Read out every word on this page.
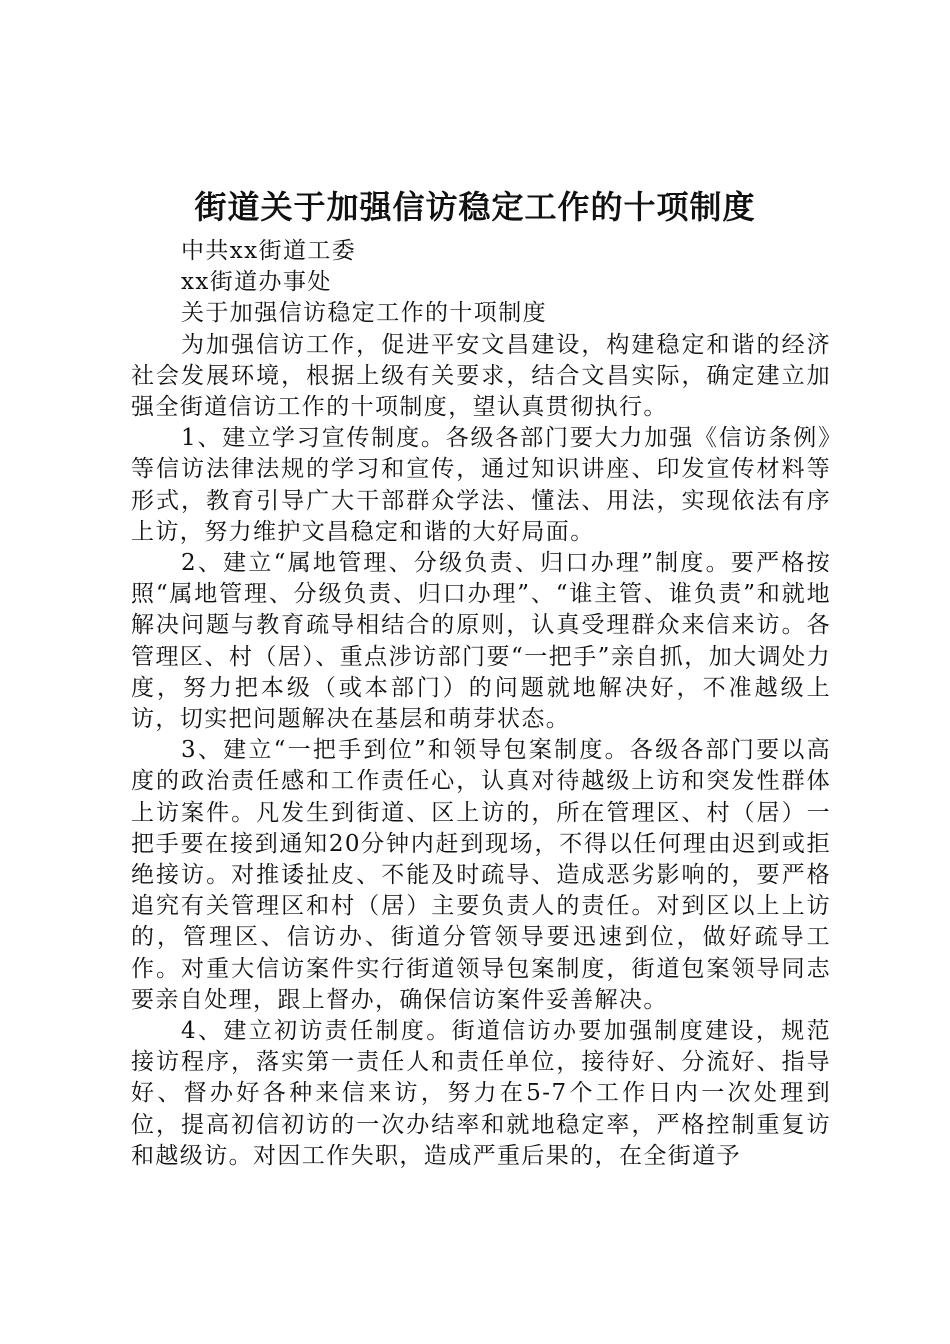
街道关于加强信访稳定工作的十项制度

中共xx街道工委

xx街道办事处

关于加强信访稳定工作的十项制度

为加强信访工作，促进平安文昌建设，构建稳定和谐的经济社会发展环境，根据上级有关要求，结合文昌实际，确定建立加强全街道信访工作的十项制度，望认真贯彻执行。

1、建立学习宣传制度。各级各部门要大力加强《信访条例》等信访法律法规的学习和宣传，通过知识讲座、印发宣传材料等形式，教育引导广大干部群众学法、懂法、用法，实现依法有序上访，努力维护文昌稳定和谐的大好局面。

2、建立“属地管理、分级负责、归口办理”制度。要严格按照“属地管理、分级负责、归口办理”、“谁主管、谁负责”和就地解决问题与教育疏导相结合的原则，认真受理群众来信来访。各管理区、村（居）、重点涉访部门要“一把手”亲自抓，加大调处力度，努力把本级（或本部门）的问题就地解决好，不准越级上访，切实把问题解决在基层和萌芽状态。

3、建立“一把手到位”和领导包案制度。各级各部门要以高度的政治责任感和工作责任心，认真对待越级上访和突发性群体上访案件。凡发生到街道、区上访的，所在管理区、村（居）一把手要在接到通知20分钟内赶到现场，不得以任何理由迟到或拒绝接访。对推诿扯皮、不能及时疏导、造成恶劣影响的，要严格追究有关管理区和村（居）主要负责人的责任。对到区以上上访的，管理区、信访办、街道分管领导要迅速到位，做好疏导工作。对重大信访案件实行街道领导包案制度，街道包案领导同志要亲自处理，跟上督办，确保信访案件妥善解决。

4、建立初访责任制度。街道信访办要加强制度建设，规范接访程序，落实第一责任人和责任单位，接待好、分流好、指导好、督办好各种来信来访，努力在5-7个工作日内一次处理到位，提高初信初访的一次办结率和就地稳定率，严格控制重复访和越级访。对因工作失职，造成严重后果的，在全街道予
